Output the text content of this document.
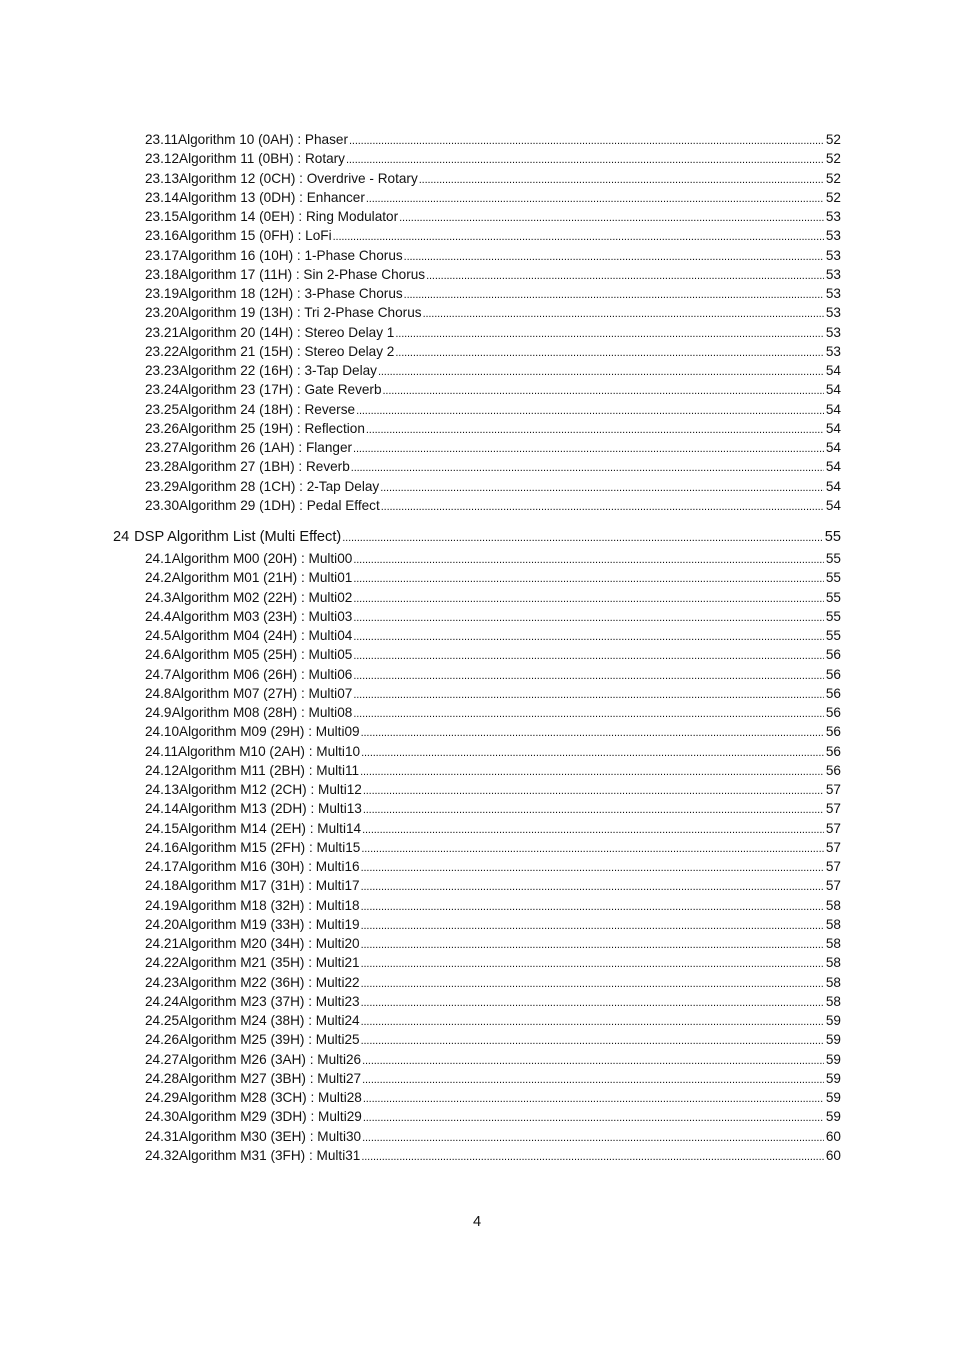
23.11 Algorithm 10 (0AH) : Phaser . . .	52
23.12 Algorithm 11 (0BH) : Rotary . . .	52
23.13 Algorithm 12 (0CH) : Overdrive - Rotary . . .	52
23.14 Algorithm 13 (0DH) : Enhancer . . .	52
23.15 Algorithm 14 (0EH) : Ring Modulator . . .	53
23.16 Algorithm 15 (0FH) : LoFi . . .	53
23.17 Algorithm 16 (10H) : 1-Phase Chorus . . .	53
23.18 Algorithm 17 (11H) : Sin 2-Phase Chorus . . .	53
23.19 Algorithm 18 (12H) : 3-Phase Chorus . . .	53
23.20 Algorithm 19 (13H) : Tri 2-Phase Chorus . . .	53
23.21 Algorithm 20 (14H) : Stereo Delay 1 . . .	53
23.22 Algorithm 21 (15H) : Stereo Delay 2 . . .	53
23.23 Algorithm 22 (16H) : 3-Tap Delay . . .	54
23.24 Algorithm 23 (17H) : Gate Reverb . . .	54
23.25 Algorithm 24 (18H) : Reverse . . .	54
23.26 Algorithm 25 (19H) : Reflection . . .	54
23.27 Algorithm 26 (1AH) : Flanger . . .	54
23.28 Algorithm 27 (1BH) : Reverb . . .	54
23.29 Algorithm 28 (1CH) : 2-Tap Delay . . .	54
23.30 Algorithm 29 (1DH) : Pedal Effect . . .	54
24 DSP Algorithm List (Multi Effect) . . .	55
24.1 Algorithm M00 (20H) : Multi00 . . .	55
24.2 Algorithm M01 (21H) : Multi01 . . .	55
24.3 Algorithm M02 (22H) : Multi02 . . .	55
24.4 Algorithm M03 (23H) : Multi03 . . .	55
24.5 Algorithm M04 (24H) : Multi04 . . .	55
24.6 Algorithm M05 (25H) : Multi05 . . .	56
24.7 Algorithm M06 (26H) : Multi06 . . .	56
24.8 Algorithm M07 (27H) : Multi07 . . .	56
24.9 Algorithm M08 (28H) : Multi08 . . .	56
24.10 Algorithm M09 (29H) : Multi09 . . .	56
24.11 Algorithm M10 (2AH) : Multi10 . . .	56
24.12 Algorithm M11 (2BH) : Multi11 . . .	56
24.13 Algorithm M12 (2CH) : Multi12 . . .	57
24.14 Algorithm M13 (2DH) : Multi13 . . .	57
24.15 Algorithm M14 (2EH) : Multi14 . . .	57
24.16 Algorithm M15 (2FH) : Multi15 . . .	57
24.17 Algorithm M16 (30H) : Multi16 . . .	57
24.18 Algorithm M17 (31H) : Multi17 . . .	57
24.19 Algorithm M18 (32H) : Multi18 . . .	58
24.20 Algorithm M19 (33H) : Multi19 . . .	58
24.21 Algorithm M20 (34H) : Multi20 . . .	58
24.22 Algorithm M21 (35H) : Multi21 . . .	58
24.23 Algorithm M22 (36H) : Multi22 . . .	58
24.24 Algorithm M23 (37H) : Multi23 . . .	58
24.25 Algorithm M24 (38H) : Multi24 . . .	59
24.26 Algorithm M25 (39H) : Multi25 . . .	59
24.27 Algorithm M26 (3AH) : Multi26 . . .	59
24.28 Algorithm M27 (3BH) : Multi27 . . .	59
24.29 Algorithm M28 (3CH) : Multi28 . . .	59
24.30 Algorithm M29 (3DH) : Multi29 . . .	59
24.31 Algorithm M30 (3EH) : Multi30 . . .	60
24.32 Algorithm M31 (3FH) : Multi31 . . .	60
4
